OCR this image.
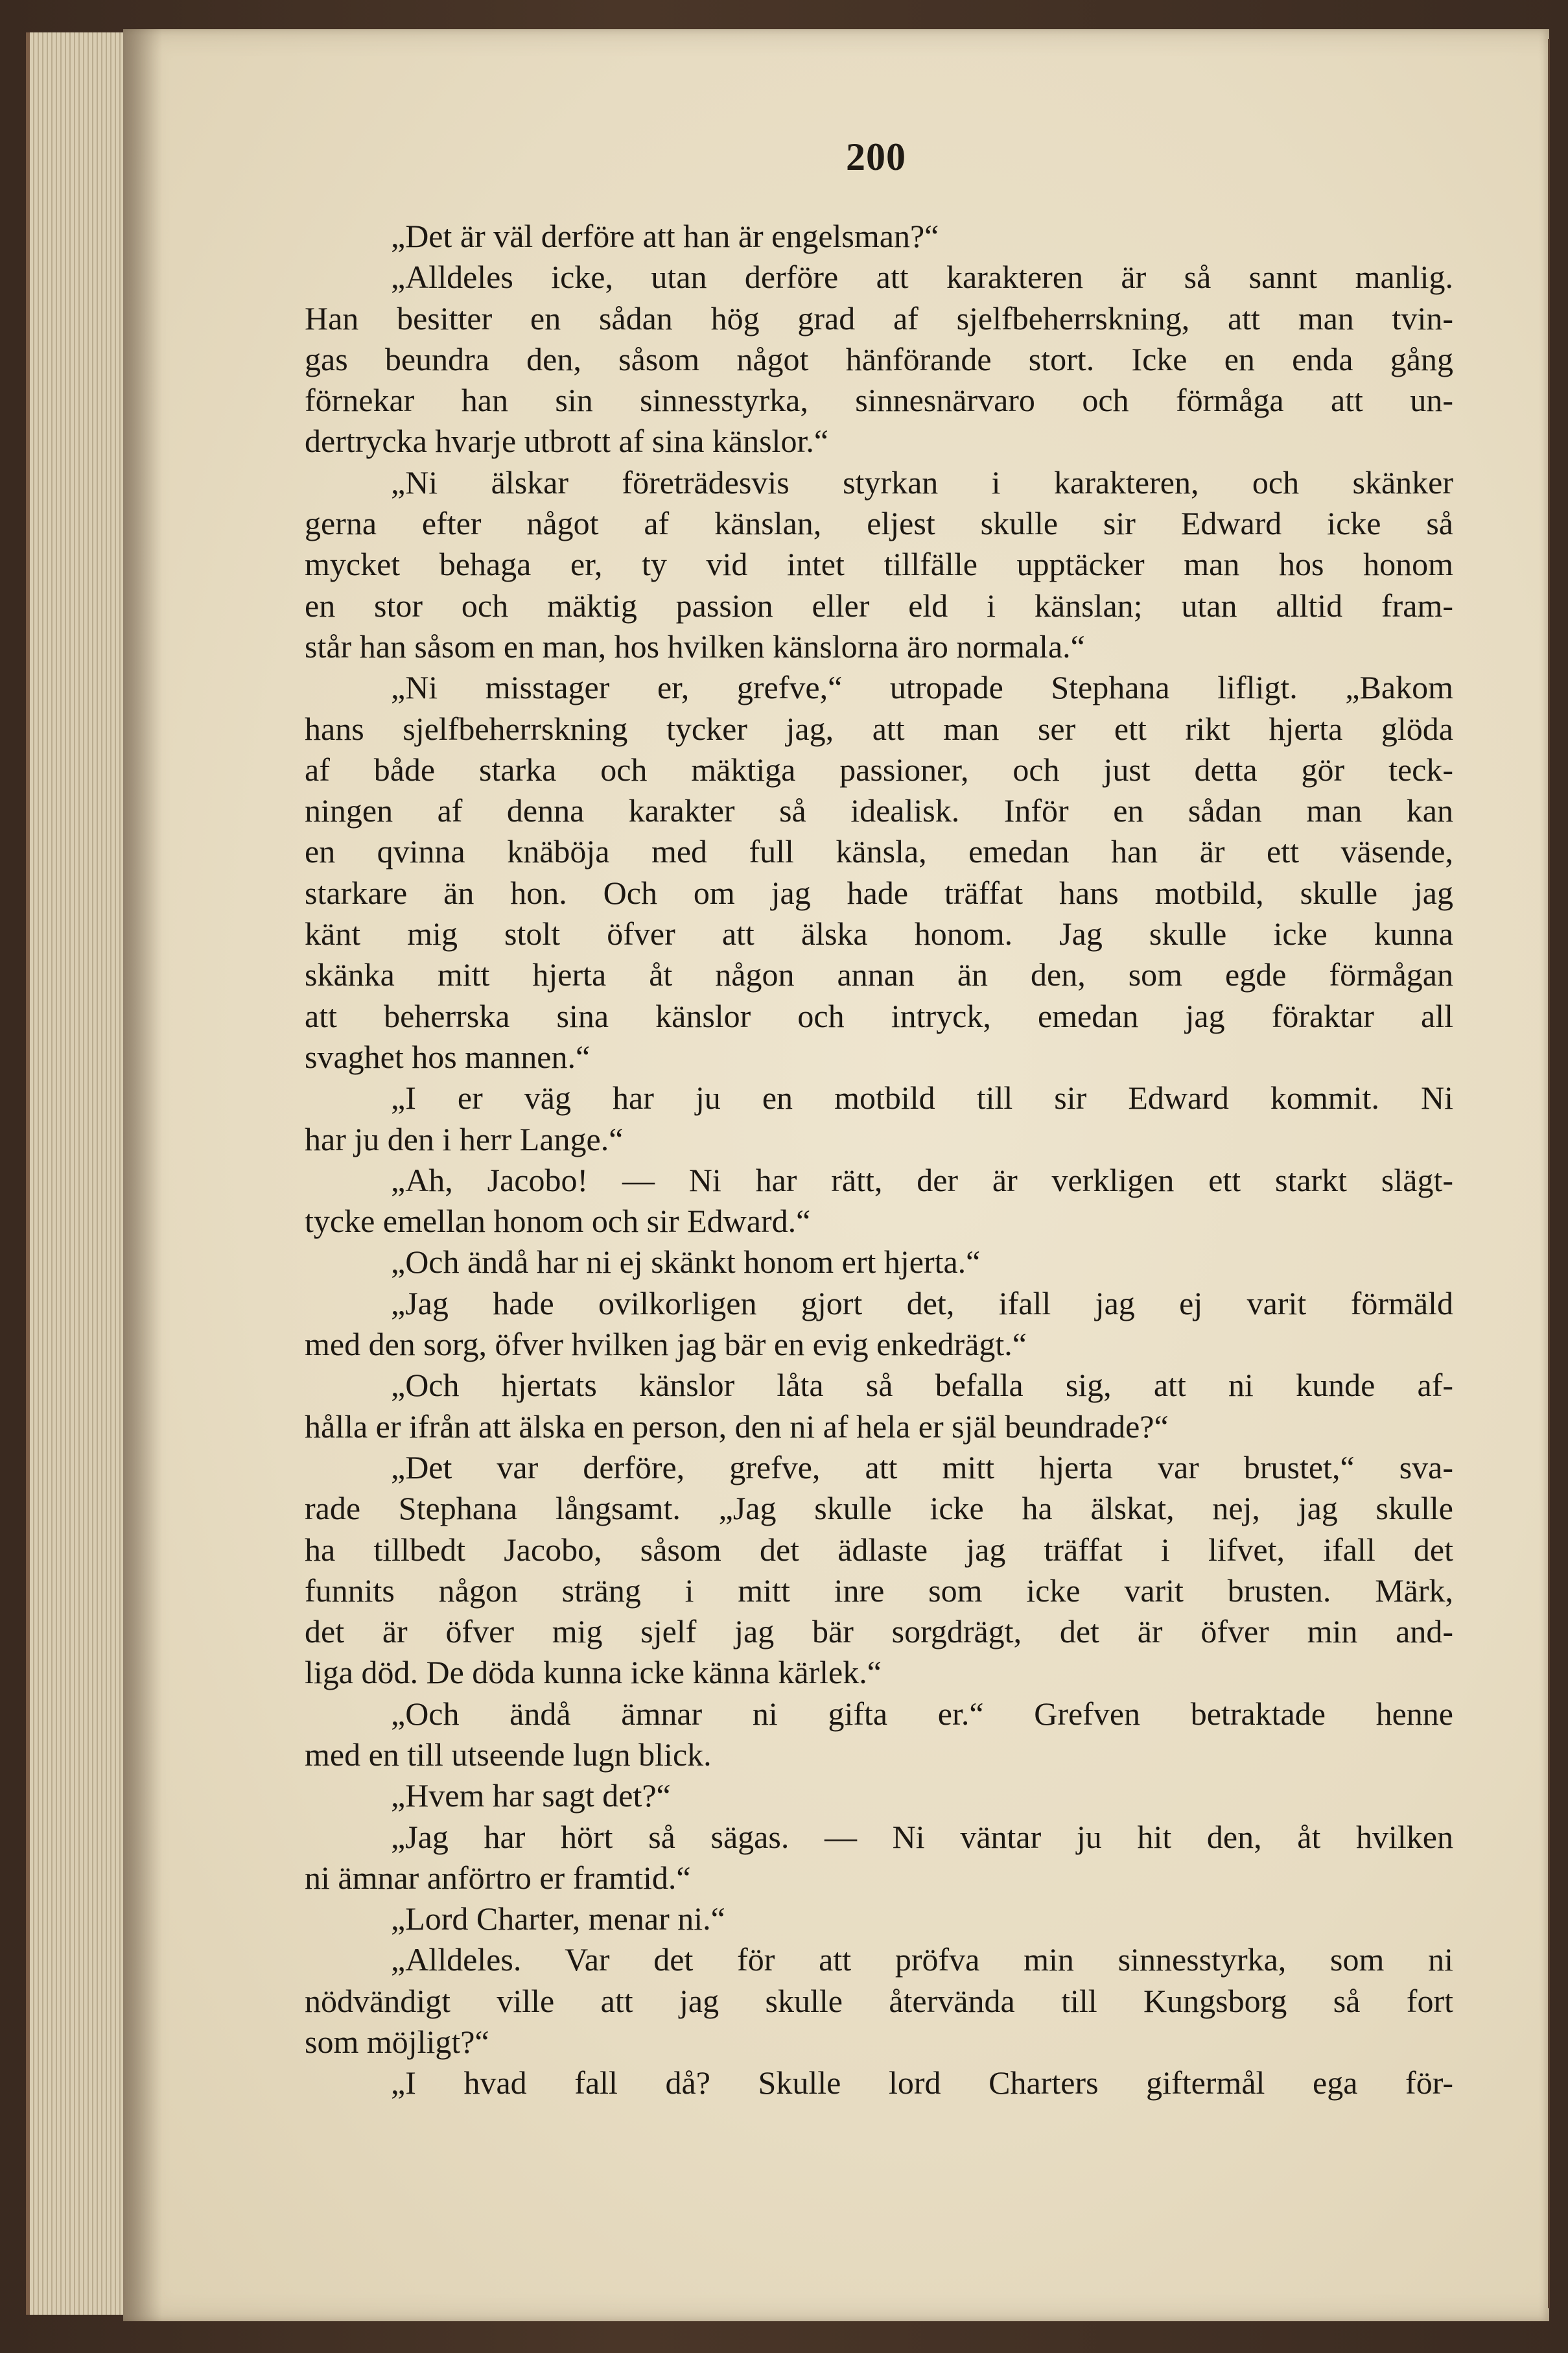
200
„Det är väl derföre att han är engelsman?“
„Alldeles icke, utan derföre att karakteren är så sannt manlig.
Han besitter en sådan hög grad af sjelfbeherrskning, att man tvin-
gas beundra den, såsom något hänförande stort. Icke en enda gång
förnekar han sin sinnesstyrka, sinnesnärvaro och förmåga att un-
dertrycka hvarje utbrott af sina känslor.“
„Ni älskar företrädesvis styrkan i karakteren, och skänker
gerna efter något af känslan, eljest skulle sir Edward icke så
mycket behaga er, ty vid intet tillfälle upptäcker man hos honom
en stor och mäktig passion eller eld i känslan; utan alltid fram-
står han såsom en man, hos hvilken känslorna äro normala.“
„Ni misstager er, grefve,“ utropade Stephana lifligt. „Bakom
hans sjelfbeherrskning tycker jag, att man ser ett rikt hjerta glöda
af både starka och mäktiga passioner, och just detta gör teck-
ningen af denna karakter så idealisk. Inför en sådan man kan
en qvinna knäböja med full känsla, emedan han är ett väsende,
starkare än hon. Och om jag hade träffat hans motbild, skulle jag
känt mig stolt öfver att älska honom. Jag skulle icke kunna
skänka mitt hjerta åt någon annan än den, som egde förmågan
att beherrska sina känslor och intryck, emedan jag föraktar all
svaghet hos mannen.“
„I er väg har ju en motbild till sir Edward kommit. Ni
har ju den i herr Lange.“
„Ah, Jacobo! — Ni har rätt, der är verkligen ett starkt slägt-
tycke emellan honom och sir Edward.“
„Och ändå har ni ej skänkt honom ert hjerta.“
„Jag hade ovilkorligen gjort det, ifall jag ej varit förmäld
med den sorg, öfver hvilken jag bär en evig enkedrägt.“
„Och hjertats känslor låta så befalla sig, att ni kunde af-
hålla er ifrån att älska en person, den ni af hela er själ beundrade?“
„Det var derföre, grefve, att mitt hjerta var brustet,“ sva-
rade Stephana långsamt. „Jag skulle icke ha älskat, nej, jag skulle
ha tillbedt Jacobo, såsom det ädlaste jag träffat i lifvet, ifall det
funnits någon sträng i mitt inre som icke varit brusten. Märk,
det är öfver mig sjelf jag bär sorgdrägt, det är öfver min and-
liga död. De döda kunna icke känna kärlek.“
„Och ändå ämnar ni gifta er.“ Grefven betraktade henne
med en till utseende lugn blick.
„Hvem har sagt det?“
„Jag har hört så sägas. — Ni väntar ju hit den, åt hvilken
ni ämnar anförtro er framtid.“
„Lord Charter, menar ni.“
„Alldeles. Var det för att pröfva min sinnesstyrka, som ni
nödvändigt ville att jag skulle återvända till Kungsborg så fort
som möjligt?“
„I hvad fall då? Skulle lord Charters giftermål ega för-
